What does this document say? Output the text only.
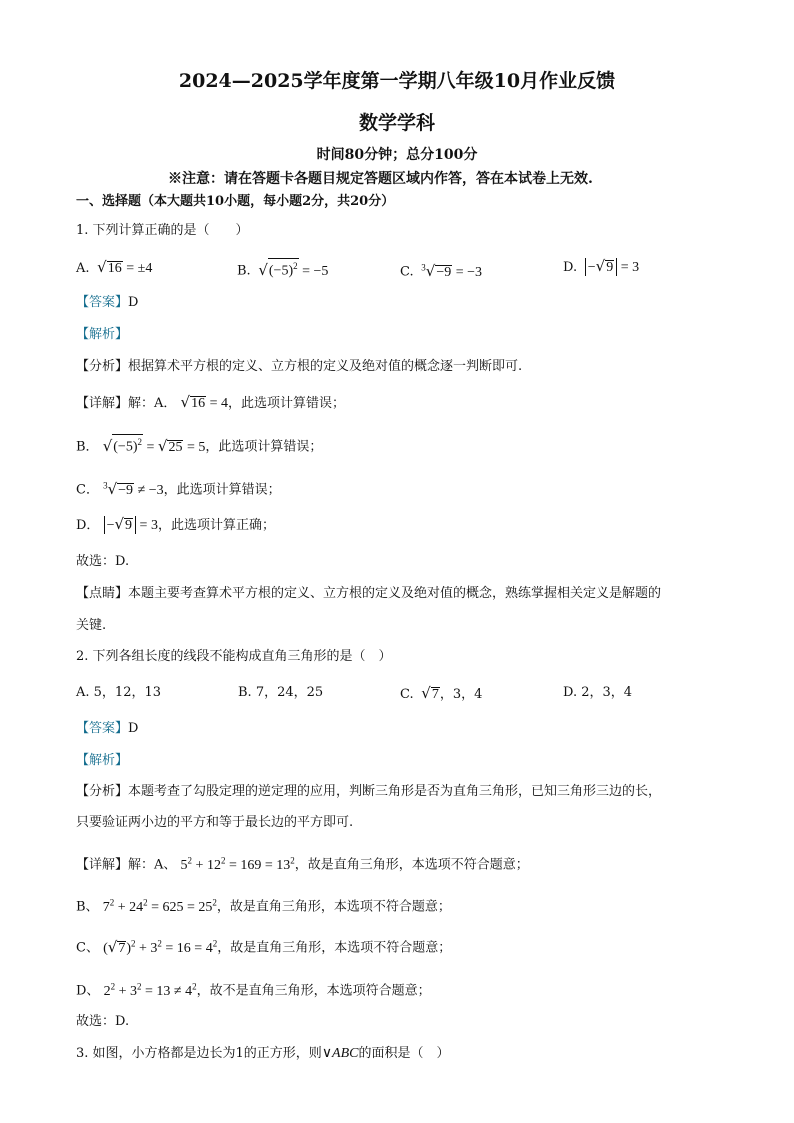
2024—2025学年度第一学期八年级10月作业反馈
数学学科
时间80分钟；总分100分
※注意：请在答题卡各题目规定答题区域内作答，答在本试卷上无效.
一、选择题（本大题共10小题，每小题2分，共20分）
1. 下列计算正确的是（　　）
A. √16 = ±4	B. $√(-5)^2 = -5$	C. $^3$√−9 = −3	D. −√9 = 3
【答案】D
【解析】
【分析】根据算术平方根的定义、立方根的定义及绝对值的概念逐一判断即可.
【详解】解：A． √16 = 4，此选项计算错误；
B． $√(-5)^2 = √25 = 5$，此选项计算错误；
C． $^3$√−9 ≠ −3，此选项计算错误；
D． −√9 = 3，此选项计算正确；
故选：D.
【点睛】本题主要考查算术平方根的定义、立方根的定义及绝对值的概念，熟练掌握相关定义是解题的
关键.
2. 下列各组长度的线段不能构成直角三角形的是（　）
A. 5，12，13	B. 7，24，25	C. √7，3，4	D. 2，3，4
【答案】D
【解析】
【分析】本题考查了勾股定理的逆定理的应用，判断三角形是否为直角三角形，已知三角形三边的长，
只要验证两小边的平方和等于最长边的平方即可.
【详解】解：A、 $5^2 + 12^2 = 169 = 13^2$，故是直角三角形，本选项不符合题意；
B、 $7^2 + 24^2 = 625 = 25^2$，故是直角三角形，本选项不符合题意；
C、 $(√7)^2 + 3^2 = 16 = 4^2$，故是直角三角形，本选项不符合题意；
D、 $2^2 + 3^2 = 13 \ne 4^2$，故不是直角三角形，本选项符合题意；
故选：D.
3. 如图，小方格都是边长为1的正方形，则∨ABC的面积是（　）
